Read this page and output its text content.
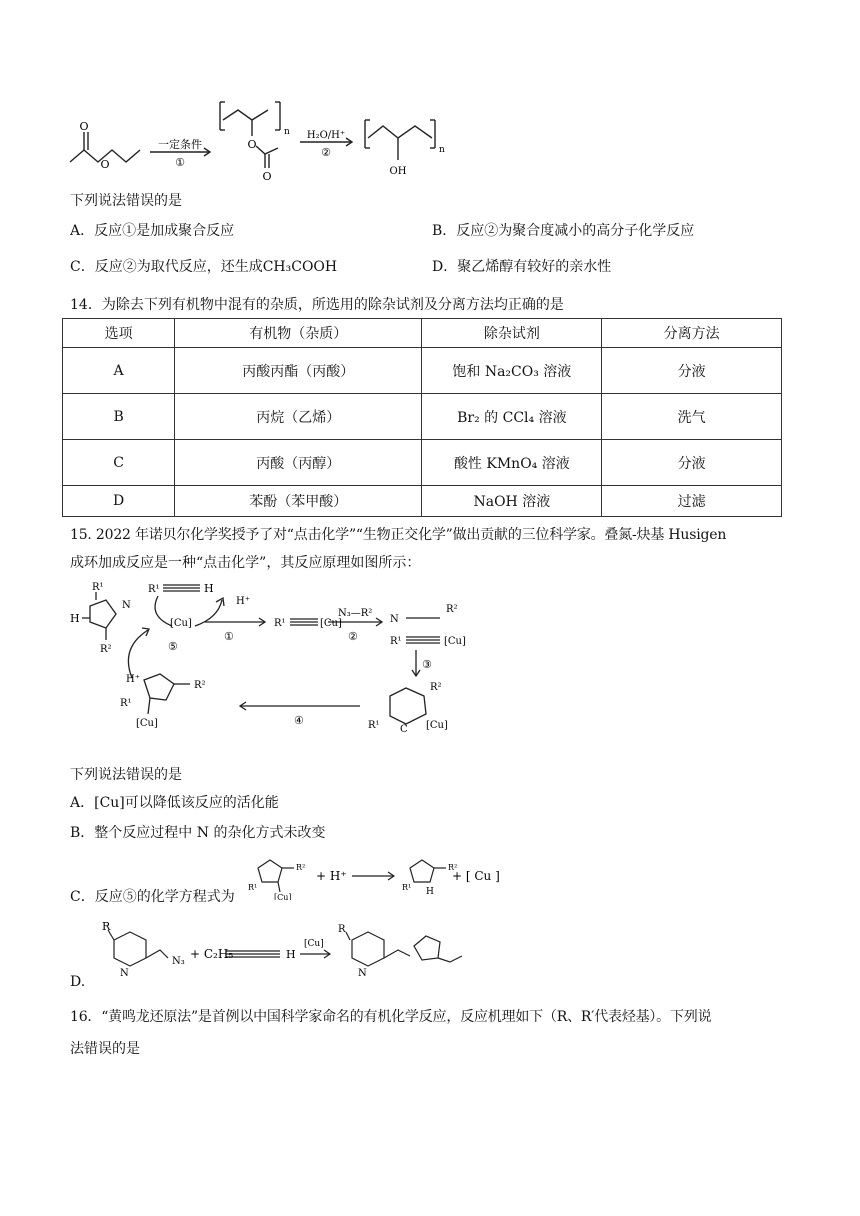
O
O
O
O
一定条件
①
n H₂O/H⁺
②	n
OH
下列说法错误的是
A．反应①是加成聚合反应	B．反应②为聚合度减小的高分子化学反应
C．反应②为取代反应，还生成CH₃COOH	D．聚乙烯醇有较好的亲水性
14．为除去下列有机物中混有的杂质，所选用的除杂试剂及分离方法均正确的是
选项	有机物（杂质）	除杂试剂	分离方法
A	丙酸丙酯（丙酸）	饱和 Na₂CO₃ 溶液	分液
B	丙烷（乙烯）	Br₂ 的 CCl₄ 溶液	洗气
C	丙酸（丙醇）	酸性 KMnO₄ 溶液	分液
D	苯酚（苯甲酸）	NaOH 溶液	过滤
15. 2022 年诺贝尔化学奖授予了对“点击化学”“生物正交化学”做出贡献的三位科学家。叠氮-炔基 Husigen
成环加成反应是一种“点击化学”，其反应原理如图所示：
R¹
H
R²
N
R¹	H
H⁺
[Cu]
①
R¹	[Cu]
N₃—R²
②
N
R²
R¹	[Cu]
③
R²
R¹ C [Cu]
④
H⁺
R²
R¹
[Cu]
⑤
下列说法错误的是
A．[Cu]可以降低该反应的活化能
B．整个反应过程中 N 的杂化方式未改变
C．反应⑤的化学方程式为
R²
R¹
[Cu]
+ H⁺
R²
R¹ H
+ [ Cu ]
D.
R
N
N₃
+ C₂H₅	H
[Cu]
R
N
16．“黄鸣龙还原法”是首例以中国科学家命名的有机化学反应，反应机理如下（R、R′代表烃基）。下列说
法错误的是
